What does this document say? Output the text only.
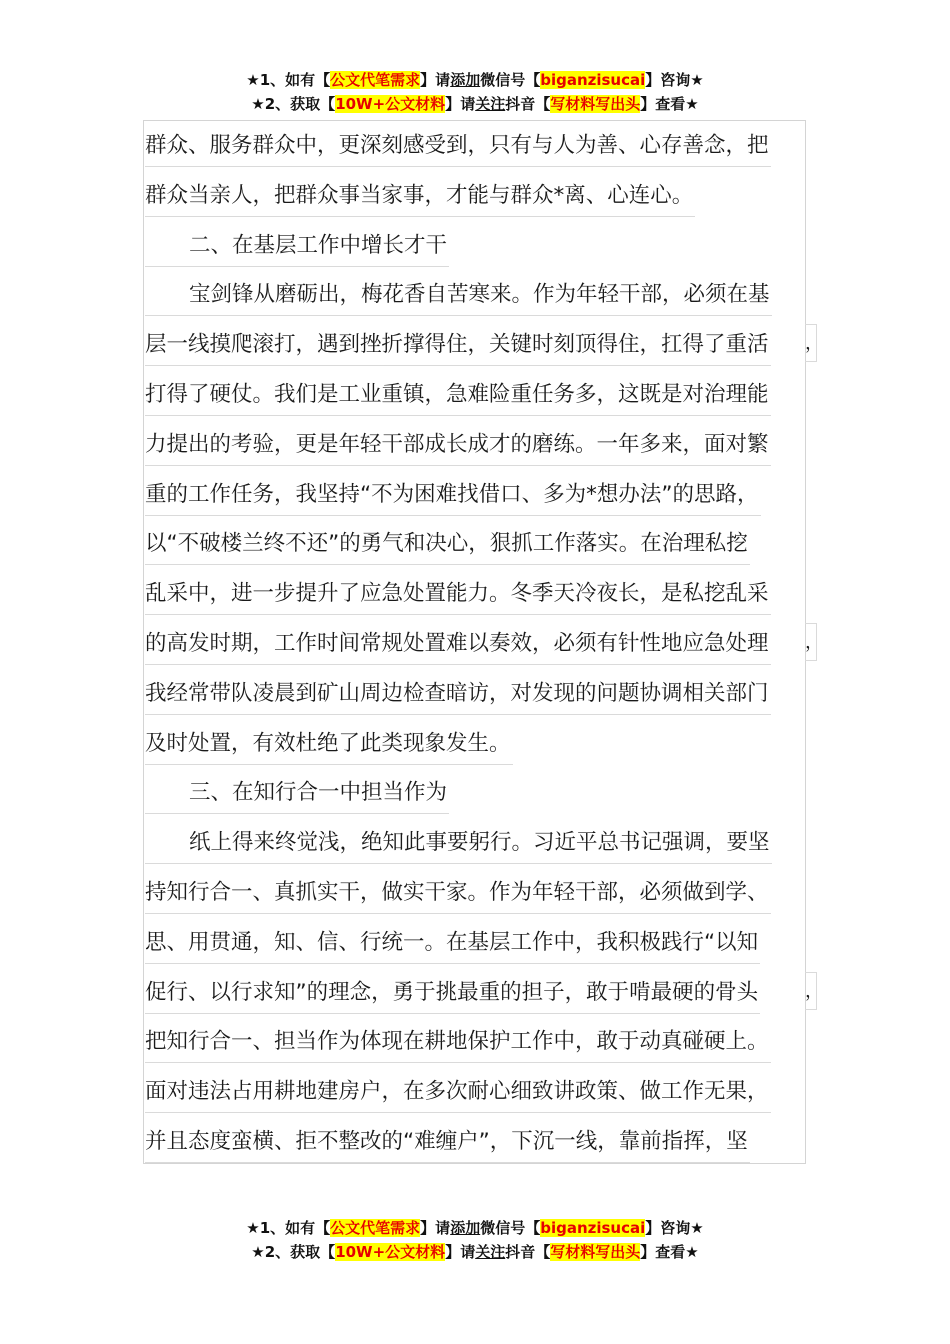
★1、如有【公文代笔需求】请添加微信号【biganzisucai】咨询★
★2、获取【10W+公文材料】请关注抖音【写材料写出头】查看★
群众、服务群众中，更深刻感受到，只有与人为善、心存善念，把
群众当亲人，把群众事当家事，才能与群众*离、心连心。
二、在基层工作中增长才干
宝剑锋从磨砺出，梅花香自苦寒来。作为年轻干部，必须在基
层一线摸爬滚打，遇到挫折撑得住，关键时刻顶得住，扛得了重活 ，
打得了硬仗。我们是工业重镇，急难险重任务多，这既是对治理能
力提出的考验，更是年轻干部成长成才的磨练。一年多来，面对繁
重的工作任务，我坚持“不为困难找借口、多为*想办法”的思路，
以“不破楼兰终不还”的勇气和决心，狠抓工作落实。在治理私挖
乱采中，进一步提升了应急处置能力。冬季天冷夜长，是私挖乱采
的高发时期，工作时间常规处置难以奏效，必须有针性地应急处理 ，
我经常带队凌晨到矿山周边检查暗访，对发现的问题协调相关部门
及时处置，有效杜绝了此类现象发生。
三、在知行合一中担当作为
纸上得来终觉浅，绝知此事要躬行。习近平总书记强调，要坚
持知行合一、真抓实干，做实干家。作为年轻干部，必须做到学、
思、用贯通，知、信、行统一。在基层工作中，我积极践行“以知
促行、以行求知”的理念，勇于挑最重的担子，敢于啃最硬的骨头	，
把知行合一、担当作为体现在耕地保护工作中，敢于动真碰硬上。
面对违法占用耕地建房户，在多次耐心细致讲政策、做工作无果，
并且态度蛮横、拒不整改的“难缠户”，下沉一线，靠前指挥，坚
★1、如有【公文代笔需求】请添加微信号【biganzisucai】咨询★
★2、获取【10W+公文材料】请关注抖音【写材料写出头】查看★
